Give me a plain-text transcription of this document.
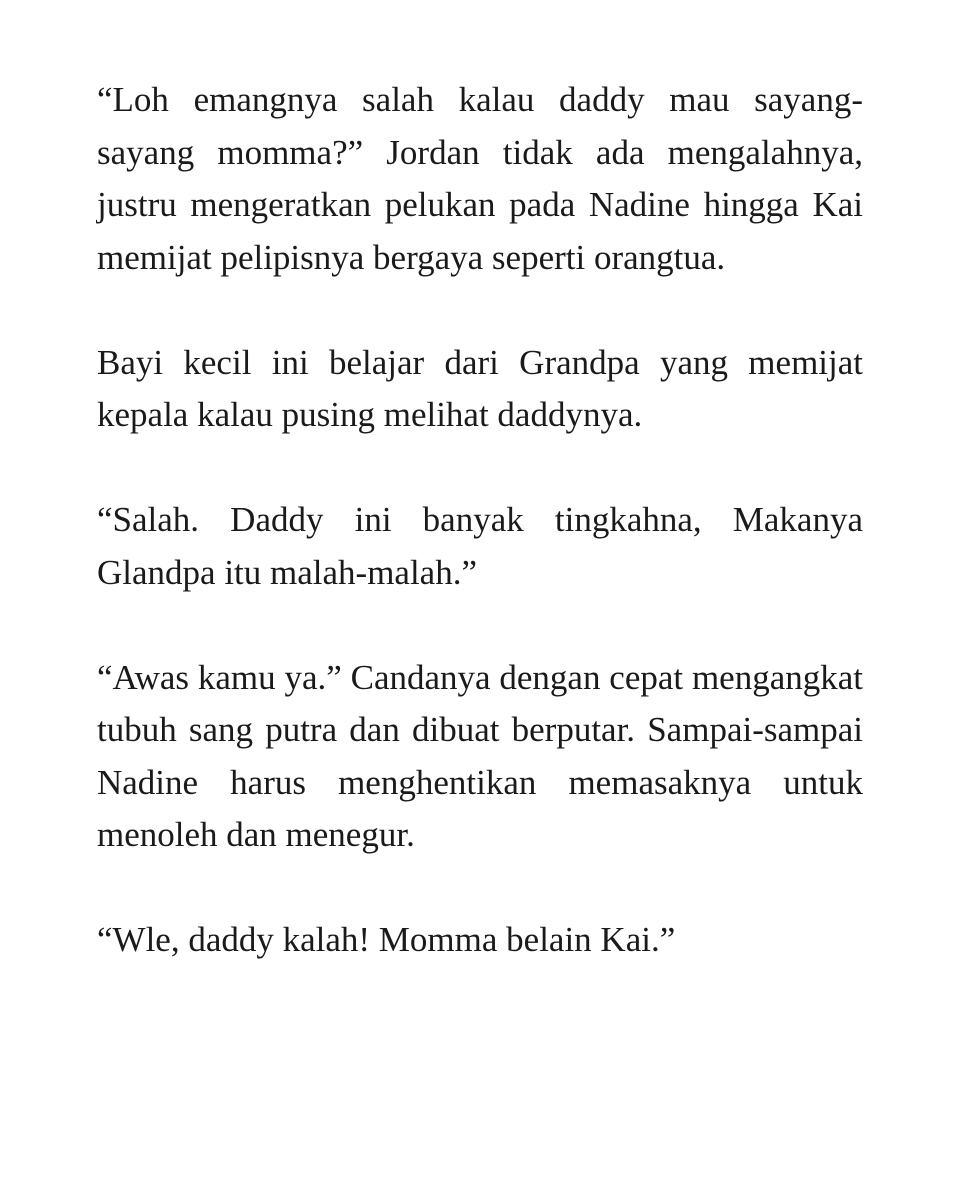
“Loh emangnya salah kalau daddy mau sayang-sayang momma?” Jordan tidak ada mengalahnya, justru mengeratkan pelukan pada Nadine hingga Kai memijat pelipisnya bergaya seperti orangtua.

Bayi kecil ini belajar dari Grandpa yang memijat kepala kalau pusing melihat daddynya.

“Salah. Daddy ini banyak tingkahna, Makanya Glandpa itu malah-malah.”

“Awas kamu ya.” Candanya dengan cepat mengangkat tubuh sang putra dan dibuat berputar. Sampai-sampai Nadine harus menghentikan memasaknya untuk menoleh dan menegur.

“Wle, daddy kalah! Momma belain Kai.”
